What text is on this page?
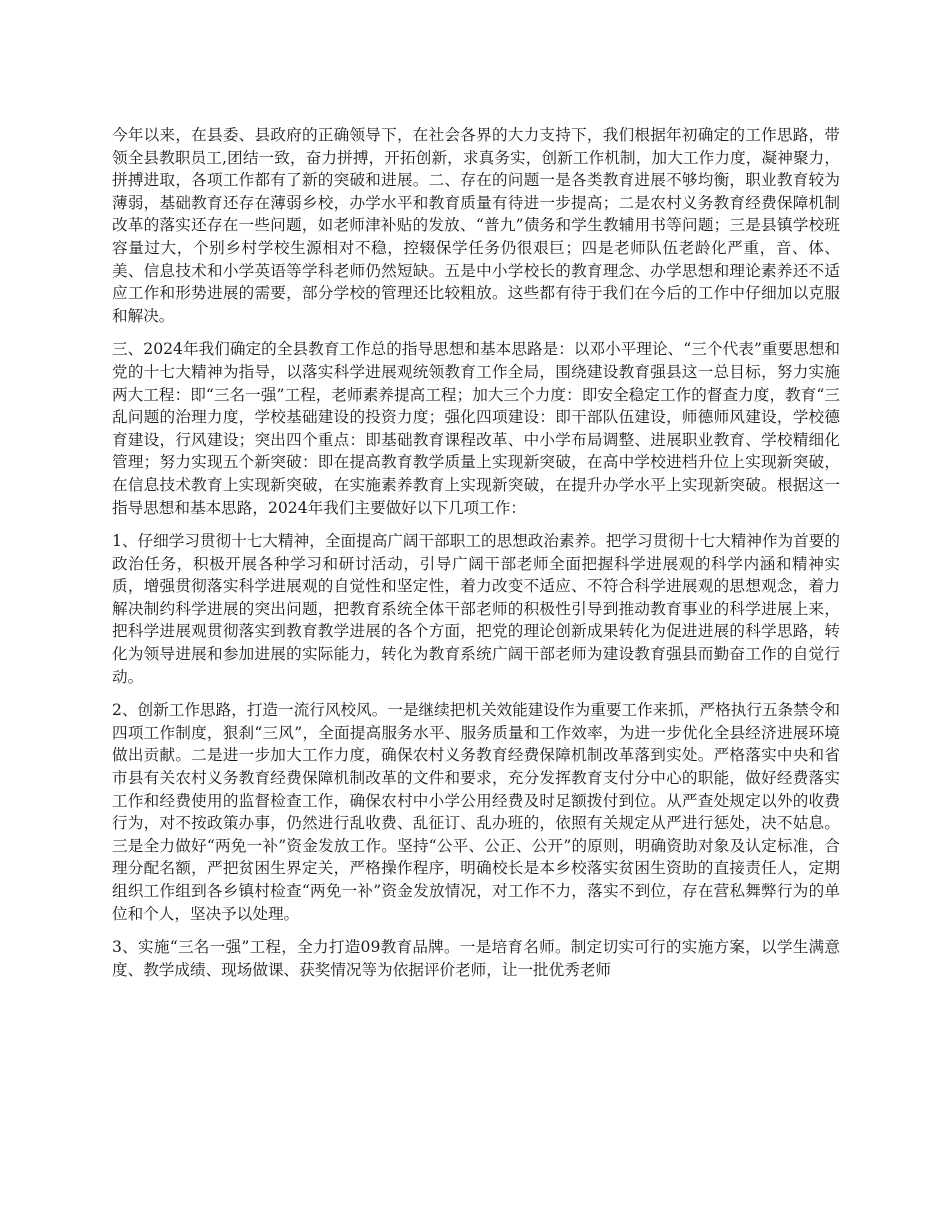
今年以来，在县委、县政府的正确领导下，在社会各界的大力支持下，我们根据年初确定的工作思路，带领全县教职员工,团结一致，奋力拼搏，开拓创新，求真务实，创新工作机制，加大工作力度，凝神聚力，拼搏进取，各项工作都有了新的突破和进展。二、存在的问题一是各类教育进展不够均衡，职业教育较为薄弱，基础教育还存在薄弱乡校，办学水平和教育质量有待进一步提高；二是农村义务教育经费保障机制改革的落实还存在一些问题，如老师津补贴的发放、“普九”债务和学生教辅用书等问题；三是县镇学校班容量过大，个别乡村学校生源相对不稳，控辍保学任务仍很艰巨；四是老师队伍老龄化严重，音、体、美、信息技术和小学英语等学科老师仍然短缺。五是中小学校长的教育理念、办学思想和理论素养还不适应工作和形势进展的需要，部分学校的管理还比较粗放。这些都有待于我们在今后的工作中仔细加以克服和解决。

三、2024年我们确定的全县教育工作总的指导思想和基本思路是：以邓小平理论、“三个代表”重要思想和党的十七大精神为指导，以落实科学进展观统领教育工作全局，围绕建设教育强县这一总目标，努力实施两大工程：即“三名一强”工程，老师素养提高工程；加大三个力度：即安全稳定工作的督查力度，教育“三乱问题的治理力度，学校基础建设的投资力度；强化四项建设：即干部队伍建设，师德师风建设，学校德育建设，行风建设；突出四个重点：即基础教育课程改革、中小学布局调整、进展职业教育、学校精细化管理；努力实现五个新突破：即在提高教育教学质量上实现新突破，在高中学校进档升位上实现新突破，在信息技术教育上实现新突破，在实施素养教育上实现新突破，在提升办学水平上实现新突破。根据这一指导思想和基本思路，2024年我们主要做好以下几项工作：

1、仔细学习贯彻十七大精神，全面提高广阔干部职工的思想政治素养。把学习贯彻十七大精神作为首要的政治任务，积极开展各种学习和研讨活动，引导广阔干部老师全面把握科学进展观的科学内涵和精神实质，增强贯彻落实科学进展观的自觉性和坚定性，着力改变不适应、不符合科学进展观的思想观念，着力解决制约科学进展的突出问题，把教育系统全体干部老师的积极性引导到推动教育事业的科学进展上来，把科学进展观贯彻落实到教育教学进展的各个方面，把党的理论创新成果转化为促进进展的科学思路，转化为领导进展和参加进展的实际能力，转化为教育系统广阔干部老师为建设教育强县而勤奋工作的自觉行动。

2、创新工作思路，打造一流行风校风。一是继续把机关效能建设作为重要工作来抓，严格执行五条禁令和四项工作制度，狠刹“三风”，全面提高服务水平、服务质量和工作效率，为进一步优化全县经济进展环境做出贡献。二是进一步加大工作力度，确保农村义务教育经费保障机制改革落到实处。严格落实中央和省市县有关农村义务教育经费保障机制改革的文件和要求，充分发挥教育支付分中心的职能，做好经费落实工作和经费使用的监督检查工作，确保农村中小学公用经费及时足额拨付到位。从严查处规定以外的收费行为，对不按政策办事，仍然进行乱收费、乱征订、乱办班的，依照有关规定从严进行惩处，决不姑息。三是全力做好“两免一补”资金发放工作。坚持“公平、公正、公开”的原则，明确资助对象及认定标准，合理分配名额，严把贫困生界定关，严格操作程序，明确校长是本乡校落实贫困生资助的直接责任人，定期组织工作组到各乡镇村检查“两免一补”资金发放情况，对工作不力，落实不到位，存在营私舞弊行为的单位和个人，坚决予以处理。

3、实施“三名一强”工程，全力打造09教育品牌。一是培育名师。制定切实可行的实施方案，以学生满意度、教学成绩、现场做课、获奖情况等为依据评价老师，让一批优秀老师
